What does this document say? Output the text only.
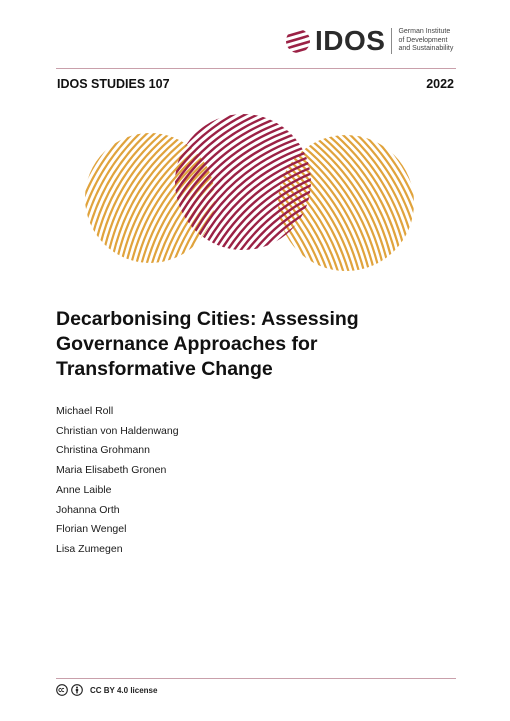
IDOS German Institute
of Development
and Sustainability
IDOS STUDIES 107	2022
Decarbonising Cities: Assessing
Governance Approaches for
Transformative Change
Michael Roll
Christian von Haldenwang
Christina Grohmann
Maria Elisabeth Gronen
Anne Laible
Johanna Orth
Florian Wengel
Lisa Zumegen
CC BY 4.0 license
